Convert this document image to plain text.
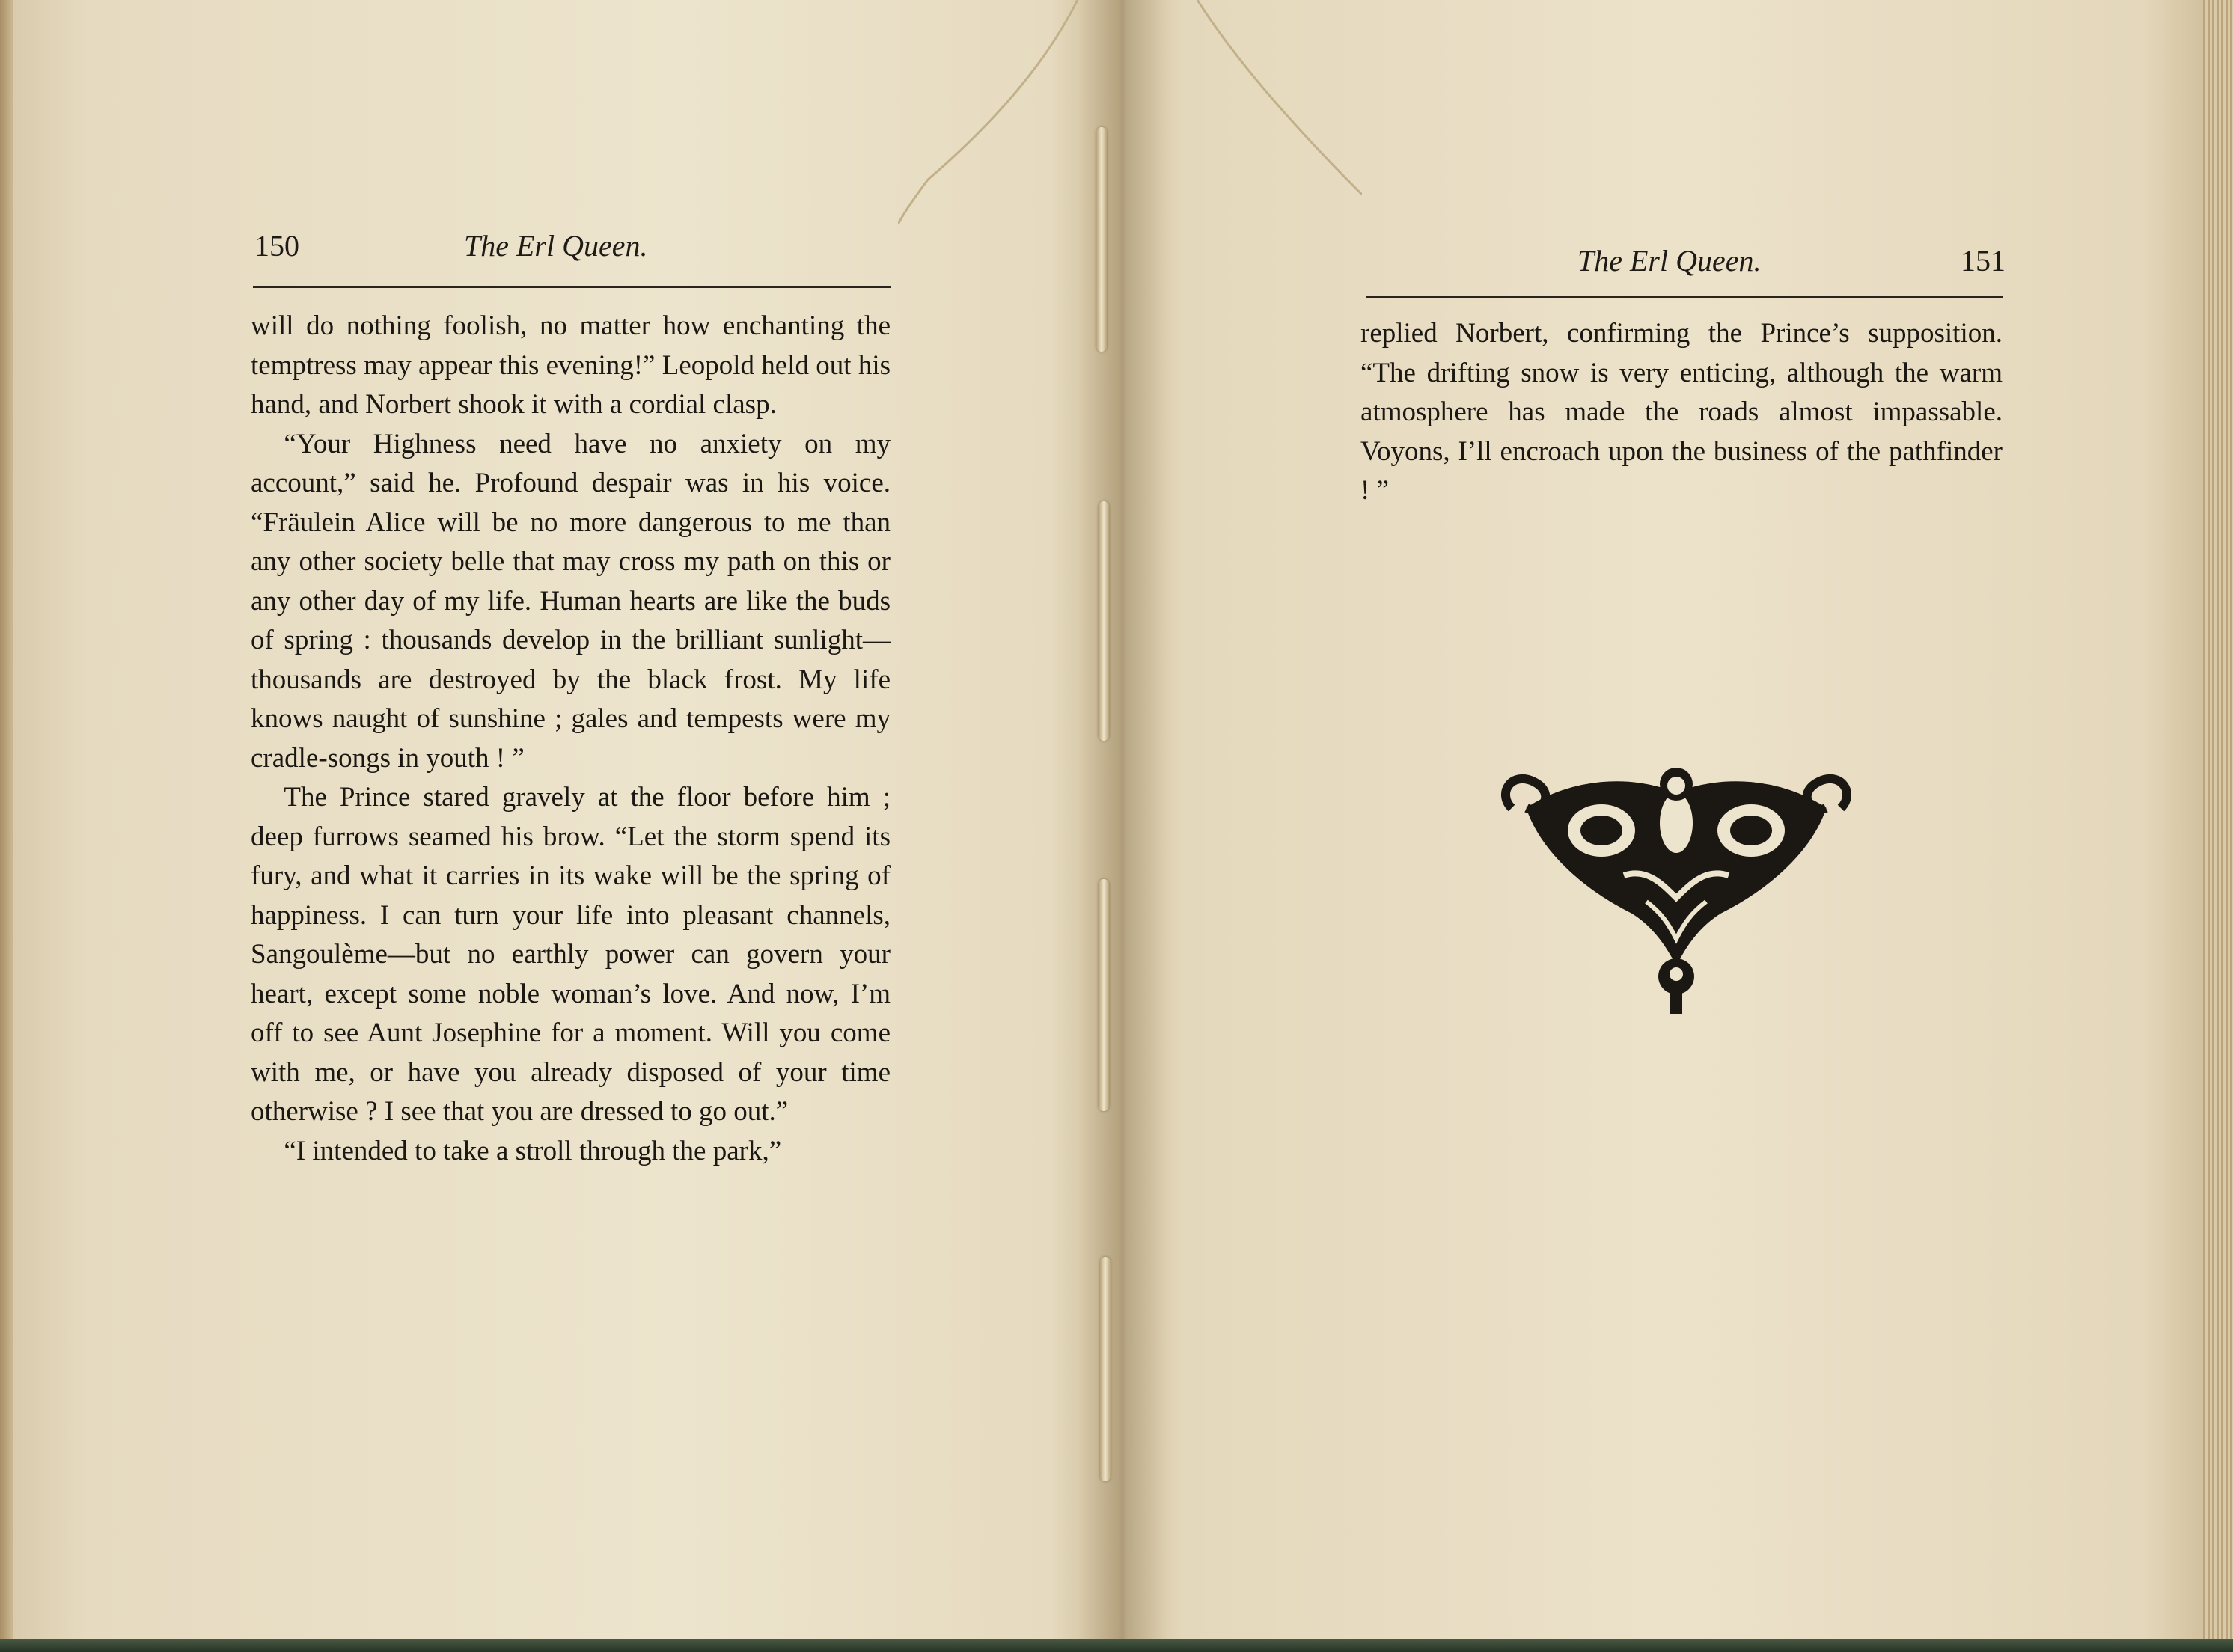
150	The Erl Queen.

will do nothing foolish, no matter how enchanting the temptress may appear this evening!” Leopold held out his hand, and Norbert shook it with a cordial clasp.

“Your Highness need have no anxiety on my account,” said he. Profound despair was in his voice. “Fräulein Alice will be no more dangerous to me than any other society belle that may cross my path on this or any other day of my life. Human hearts are like the buds of spring : thousands develop in the brilliant sunlight—thousands are destroyed by the black frost. My life knows naught of sunshine ; gales and tempests were my cradle-songs in youth ! ”

The Prince stared gravely at the floor before him ; deep furrows seamed his brow. “Let the storm spend its fury, and what it carries in its wake will be the spring of happiness. I can turn your life into pleasant channels, Sangoulème—but no earthly power can govern your heart, except some noble woman’s love. And now, I’m off to see Aunt Josephine for a moment. Will you come with me, or have you already disposed of your time otherwise ? I see that you are dressed to go out.”

“I intended to take a stroll through the park,”

The Erl Queen.	151

replied Norbert, confirming the Prince’s supposition. “The drifting snow is very enticing, although the warm atmosphere has made the roads almost impassable. Voyons, I’ll encroach upon the business of the pathfinder ! ”
